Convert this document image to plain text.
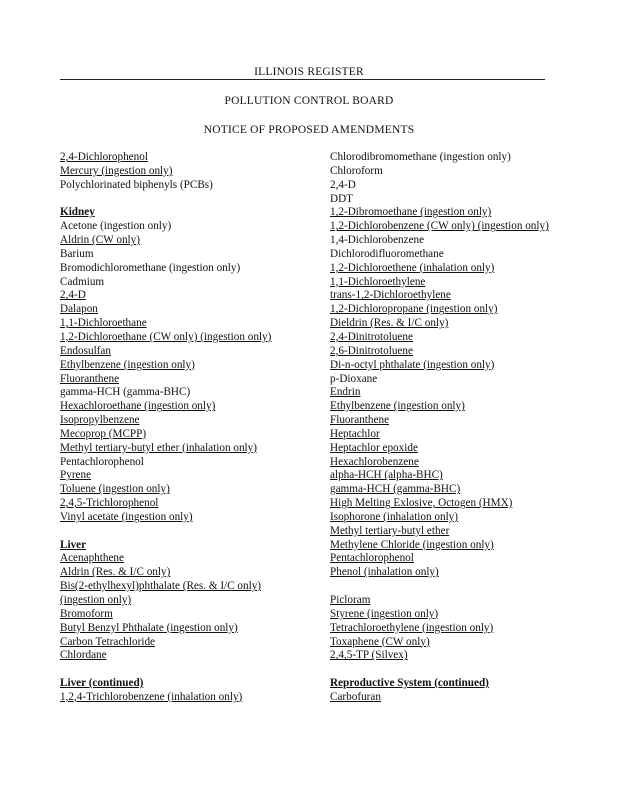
ILLINOIS REGISTER
POLLUTION CONTROL BOARD
NOTICE OF PROPOSED AMENDMENTS
2,4-Dichlorophenol
Mercury (ingestion only)
Polychlorinated biphenyls (PCBs)
Kidney
Acetone (ingestion only)
Aldrin (CW only)
Barium
Bromodichloromethane (ingestion only)
Cadmium
2,4-D
Dalapon
1,1-Dichloroethane
1,2-Dichloroethane (CW only) (ingestion only)
Endosulfan
Ethylbenzene (ingestion only)
Fluoranthene
gamma-HCH (gamma-BHC)
Hexachloroethane (ingestion only)
Isopropylbenzene
Mecoprop (MCPP)
Methyl tertiary-butyl ether (inhalation only)
Pentachlorophenol
Pyrene
Toluene (ingestion only)
2,4,5-Trichlorophenol
Vinyl acetate (ingestion only)
Liver
Acenaphthene
Aldrin (Res. & I/C only)
Bis(2-ethylhexyl)phthalate (Res. & I/C only)
(ingestion only)
Bromoform
Butyl Benzyl Phthalate (ingestion only)
Carbon Tetrachloride
Chlordane
Liver (continued)
1,2,4-Trichlorobenzene (inhalation only)
Chlorodibromomethane (ingestion only)
Chloroform
2,4-D
DDT
1,2-Dibromoethane (ingestion only)
1,2-Dichlorobenzene (CW only) (ingestion only)
1,4-Dichlorobenzene
Dichlorodifluoromethane
1,2-Dichloroethene (inhalation only)
1,1-Dichloroethylene
trans-1,2-Dichloroethylene
1,2-Dichloropropane (ingestion only)
Dieldrin (Res. & I/C only)
2,4-Dinitrotoluene
2,6-Dinitrotoluene
Di-n-octyl phthalate (ingestion only)
p-Dioxane
Endrin
Ethylbenzene (ingestion only)
Fluoranthene
Heptachlor
Heptachlor epoxide
Hexachlorobenzene
alpha-HCH (alpha-BHC)
gamma-HCH (gamma-BHC)
High Melting Exlosive, Octogen (HMX)
Isophorone (inhalation only)
Methyl tertiary-butyl ether
Methylene Chloride (ingestion only)
Pentachlorophenol
Phenol (inhalation only)
Picloram
Styrene (ingestion only)
Tetrachloroethylene (ingestion only)
Toxaphene (CW only)
2,4,5-TP (Silvex)
Reproductive System (continued)
Carbofuran
